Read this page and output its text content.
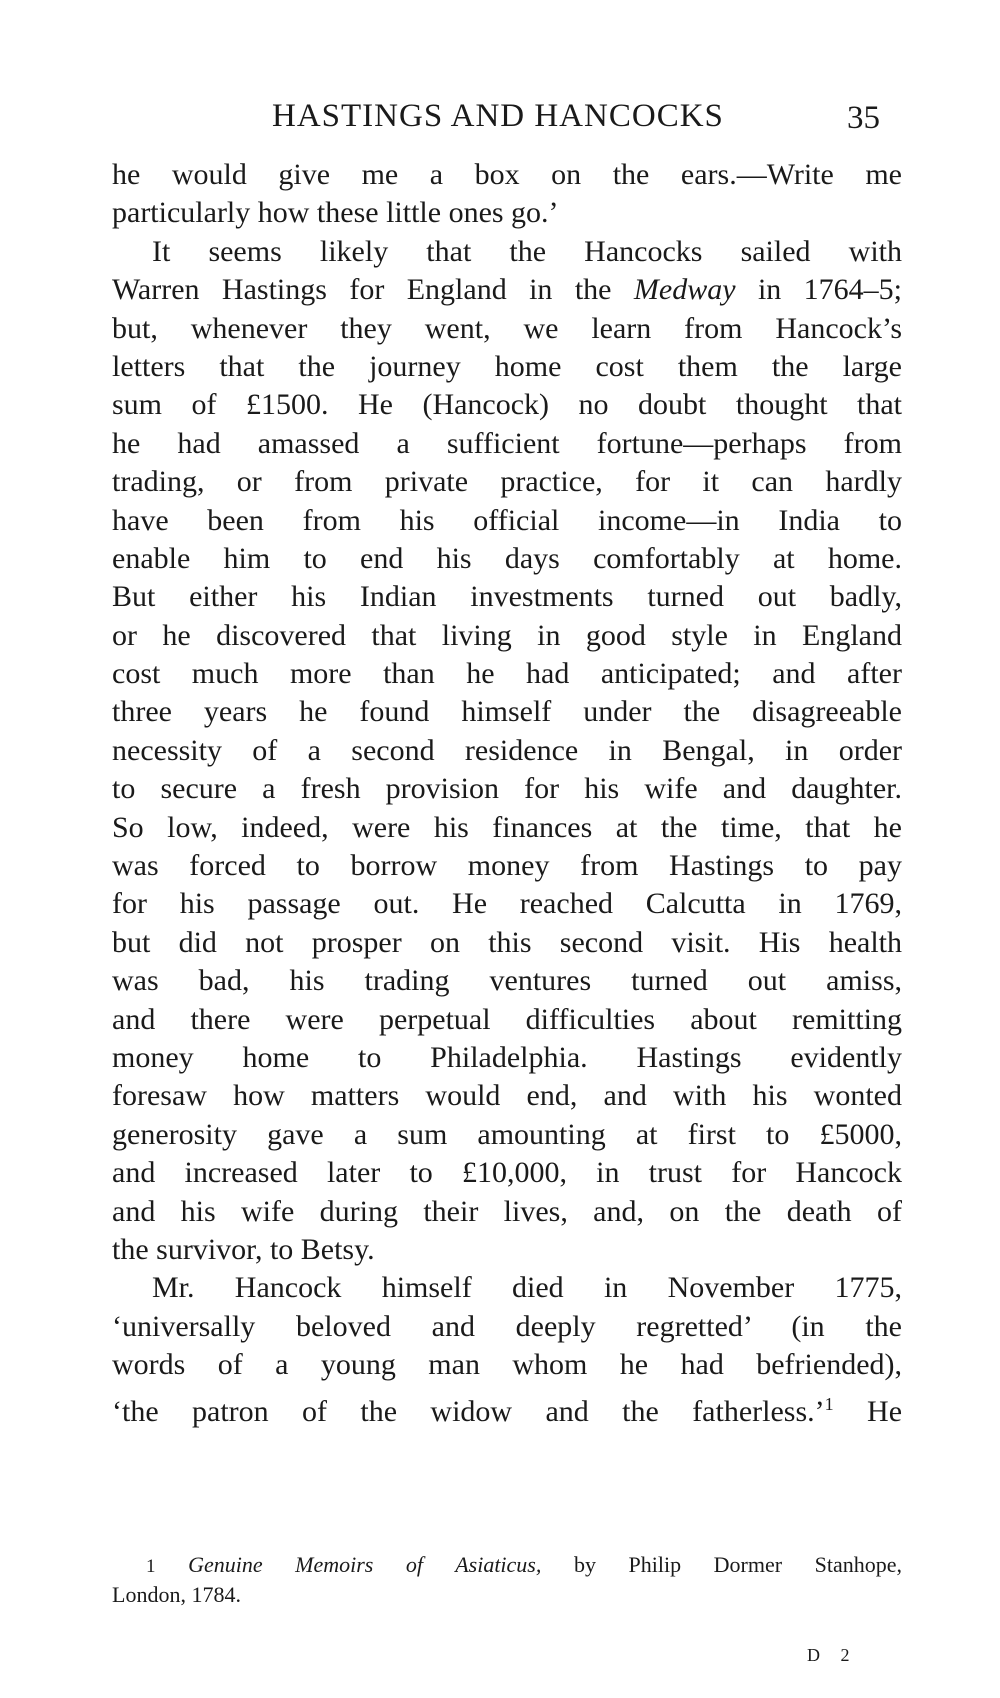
HASTINGS AND HANCOCKS	35
he would give me a box on the ears.—Write me
particularly how these little ones go.’
It seems likely that the Hancocks sailed with
Warren Hastings for England in the Medway in 1764–5;
but, whenever they went, we learn from Hancock’s
letters that the journey home cost them the large
sum of £1500. He (Hancock) no doubt thought that
he had amassed a sufficient fortune—perhaps from
trading, or from private practice, for it can hardly
have been from his official income—in India to
enable him to end his days comfortably at home.
But either his Indian investments turned out badly,
or he discovered that living in good style in England
cost much more than he had anticipated; and after
three years he found himself under the disagreeable
necessity of a second residence in Bengal, in order
to secure a fresh provision for his wife and daughter.
So low, indeed, were his finances at the time, that he
was forced to borrow money from Hastings to pay
for his passage out. He reached Calcutta in 1769,
but did not prosper on this second visit. His health
was bad, his trading ventures turned out amiss,
and there were perpetual difficulties about remitting
money home to Philadelphia. Hastings evidently
foresaw how matters would end, and with his wonted
generosity gave a sum amounting at first to £5000,
and increased later to £10,000, in trust for Hancock
and his wife during their lives, and, on the death of
the survivor, to Betsy.
Mr. Hancock himself died in November 1775,
‘universally beloved and deeply regretted’ (in the
words of a young man whom he had befriended),
‘the patron of the widow and the fatherless.’$^1$ He
1 Genuine Memoirs of Asiaticus, by Philip Dormer Stanhope,
London, 1784.
D 2
